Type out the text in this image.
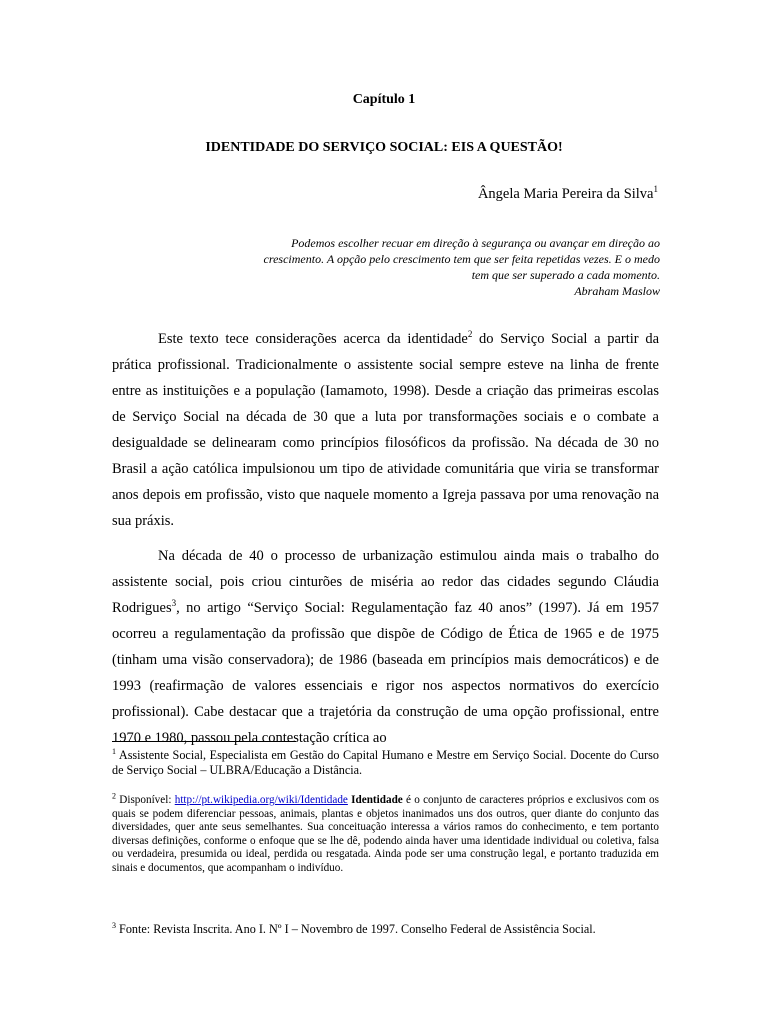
Capítulo 1
IDENTIDADE DO SERVIÇO SOCIAL: EIS A QUESTÃO!
Ângela Maria Pereira da Silva$^1$
Podemos escolher recuar em direção à segurança ou avançar em direção ao crescimento. A opção pelo crescimento tem que ser feita repetidas vezes. E o medo tem que ser superado a cada momento.
Abraham Maslow

Este texto tece considerações acerca da identidade$^2$ do Serviço Social a partir da prática profissional. Tradicionalmente o assistente social sempre esteve na linha de frente entre as instituições e a população (Iamamoto, 1998). Desde a criação das primeiras escolas de Serviço Social na década de 30 que a luta por transformações sociais e o combate a desigualdade se delinearam como princípios filosóficos da profissão. Na década de 30 no Brasil a ação católica impulsionou um tipo de atividade comunitária que viria se transformar anos depois em profissão, visto que naquele momento a Igreja passava por uma renovação na sua práxis.

Na década de 40 o processo de urbanização estimulou ainda mais o trabalho do assistente social, pois criou cinturões de miséria ao redor das cidades segundo Cláudia Rodrigues$^3$, no artigo “Serviço Social: Regulamentação faz 40 anos” (1997). Já em 1957 ocorreu a regulamentação da profissão que dispõe de Código de Ética de 1965 e de 1975 (tinham uma visão conservadora); de 1986 (baseada em princípios mais democráticos) e de 1993 (reafirmação de valores essenciais e rigor nos aspectos normativos do exercício profissional). Cabe destacar que a trajetória da construção de uma opção profissional, entre 1970 e 1980, passou pela contestação crítica ao

$^1$ Assistente Social, Especialista em Gestão do Capital Humano e Mestre em Serviço Social. Docente do Curso de Serviço Social – ULBRA/Educação a Distância.
$^2$ Disponível: http://pt.wikipedia.org/wiki/Identidade Identidade é o conjunto de caracteres próprios e exclusivos com os quais se podem diferenciar pessoas, animais, plantas e objetos inanimados uns dos outros, quer diante do conjunto das diversidades, quer ante seus semelhantes. Sua conceituação interessa a vários ramos do conhecimento, e tem portanto diversas definições, conforme o enfoque que se lhe dê, podendo ainda haver uma identidade individual ou coletiva, falsa ou verdadeira, presumida ou ideal, perdida ou resgatada. Ainda pode ser uma construção legal, e portanto traduzida em sinais e documentos, que acompanham o indivíduo.
$^3$ Fonte: Revista Inscrita. Ano I. Nº I – Novembro de 1997. Conselho Federal de Assistência Social.
